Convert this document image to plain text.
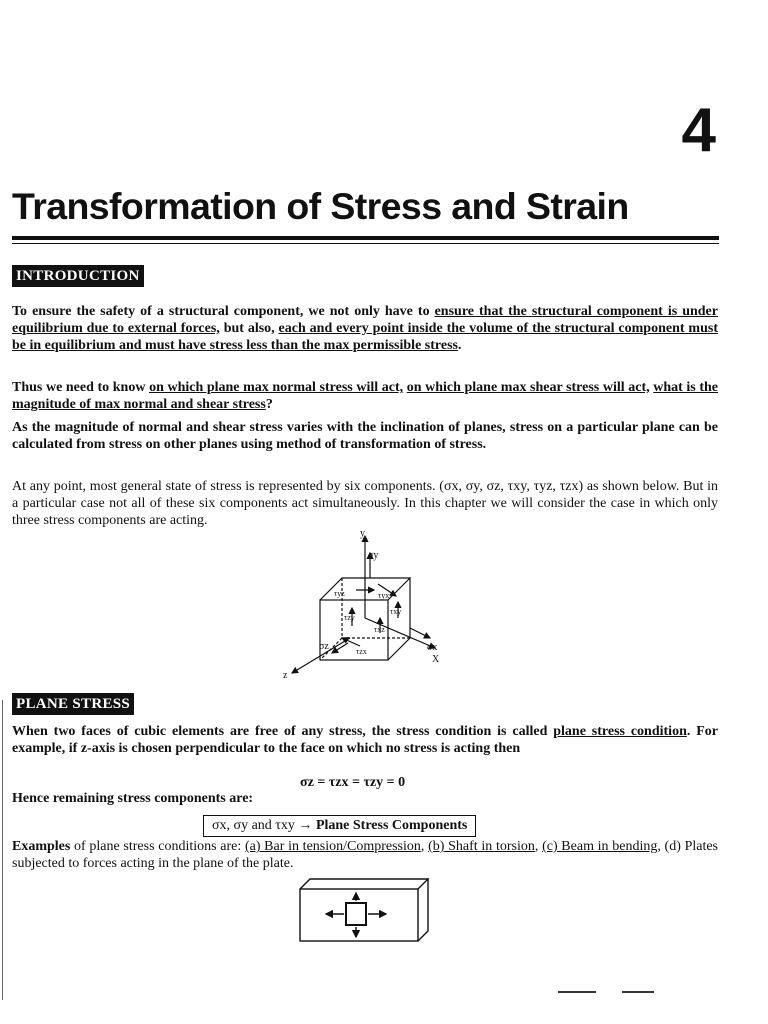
4
Transformation of Stress and Strain
INTRODUCTION
To ensure the safety of a structural component, we not only have to ensure that the structural component is under equilibrium due to external forces, but also, each and every point inside the volume of the structural component must be in equilibrium and must have stress less than the max permissible stress.
Thus we need to know on which plane max normal stress will act, on which plane max shear stress will act, what is the magnitude of max normal and shear stress?
As the magnitude of normal and shear stress varies with the inclination of planes, stress on a particular plane can be calculated from stress on other planes using method of transformation of stress.
At any point, most general state of stress is represented by six components. (σx, σy, σz, τxy, τyz, τzx) as shown below. But in a particular case not all of these six components act simultaneously. In this chapter we will consider the case in which only three stress components are acting.
y
X
z
σy
σx
σz
τyx
τyz
τxy
τzy
τxz
τzx
PLANE STRESS
When two faces of cubic elements are free of any stress, the stress condition is called plane stress condition. For example, if z-axis is chosen perpendicular to the face on which no stress is acting then
σz = τzx = τzy = 0
Hence remaining stress components are:
σx, σy and τxy → Plane Stress Components
Examples of plane stress conditions are: (a) Bar in tension/Compression, (b) Shaft in torsion, (c) Beam in bending, (d) Plates subjected to forces acting in the plane of the plate.
